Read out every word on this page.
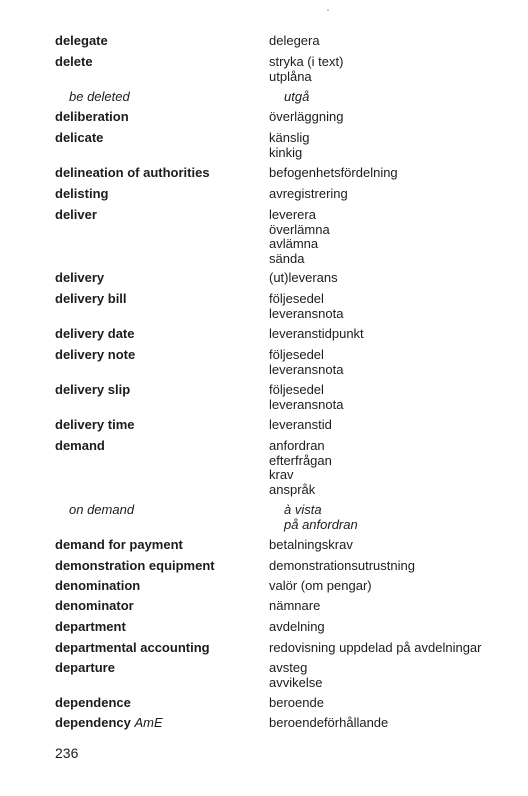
delegate	delegera
delete	stryka (i text)
utplåna
be deleted	utgå
deliberation	överläggning
delicate	känslig
kinkig
delineation of authorities	befogenhetsfördelning
delisting	avregistrering
deliver	leverera
överlämna
avlämna
sända
delivery	(ut)leverans
delivery bill	följesedel
leveransnota
delivery date	leveranstidpunkt
delivery note	följesedel
leveransnota
delivery slip	följesedel
leveransnota
delivery time	leveranstid
demand	anfordran
efterfrågan
krav
anspråk
on demand	à vista
på anfordran
demand for payment	betalningskrav
demonstration equipment	demonstrationsutrustning
denomination	valör (om pengar)
denominator	nämnare
department	avdelning
departmental accounting	redovisning uppdelad på avdelningar
departure	avsteg
avvikelse
dependence	beroende
dependency AmE	beroendeförhållande
236
